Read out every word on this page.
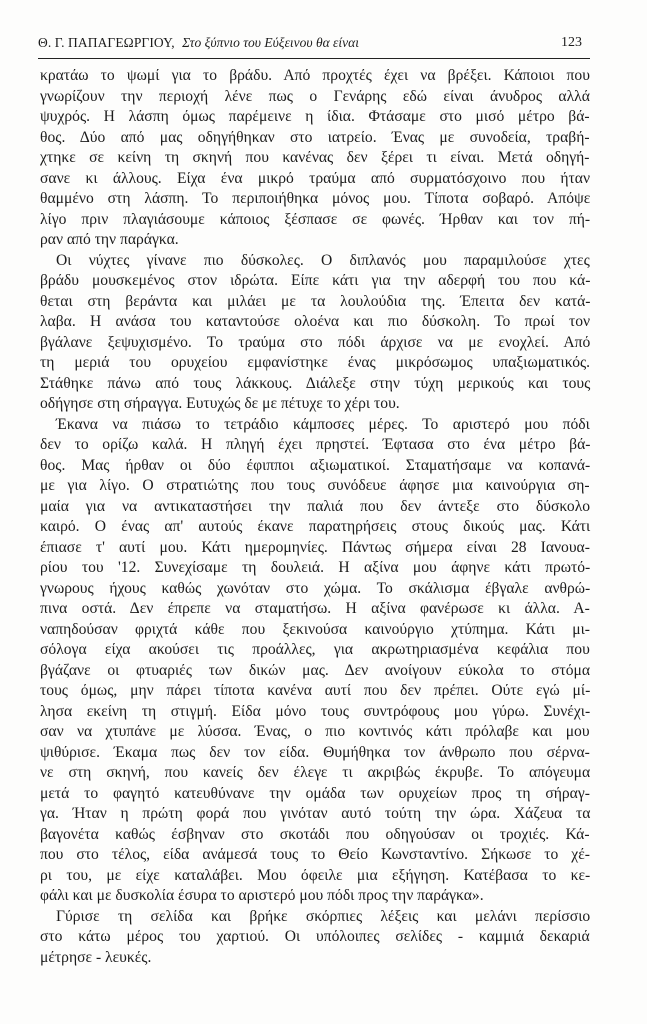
Θ. Γ. ΠΑΠΑΓΕΩΡΓΙΟΥ, Στο ξύπνιο του Εύξεινου θα είναι	123
κρατάω το ψωμί για το βράδυ. Από προχτές έχει να βρέξει. Κάποιοι που
γνωρίζουν την περιοχή λένε πως ο Γενάρης εδώ είναι άνυδρος αλλά
ψυχρός. Η λάσπη όμως παρέμεινε η ίδια. Φτάσαμε στο μισό μέτρο βά-
θος. Δύο από μας οδηγήθηκαν στο ιατρείο. Ένας με συνοδεία, τραβή-
χτηκε σε κείνη τη σκηνή που κανένας δεν ξέρει τι είναι. Μετά οδηγή-
σανε κι άλλους. Είχα ένα μικρό τραύμα από συρματόσχοινο που ήταν
θαμμένο στη λάσπη. Το περιποιήθηκα μόνος μου. Τίποτα σοβαρό. Απόψε
λίγο πριν πλαγιάσουμε κάποιος ξέσπασε σε φωνές. Ήρθαν και τον πή-
ραν από την παράγκα.
Οι νύχτες γίνανε πιο δύσκολες. Ο διπλανός μου παραμιλούσε χτες
βράδυ μουσκεμένος στον ιδρώτα. Είπε κάτι για την αδερφή του που κά-
θεται στη βεράντα και μιλάει με τα λουλούδια της. Έπειτα δεν κατά-
λαβα. Η ανάσα του καταντούσε ολοένα και πιο δύσκολη. Το πρωί τον
βγάλανε ξεψυχισμένο. Το τραύμα στο πόδι άρχισε να με ενοχλεί. Από
τη μεριά του ορυχείου εμφανίστηκε ένας μικρόσωμος υπαξιωματικός.
Στάθηκε πάνω από τους λάκκους. Διάλεξε στην τύχη μερικούς και τους
οδήγησε στη σήραγγα. Ευτυχώς δε με πέτυχε το χέρι του.
Έκανα να πιάσω το τετράδιο κάμποσες μέρες. Το αριστερό μου πόδι
δεν το ορίζω καλά. Η πληγή έχει πρηστεί. Έφτασα στο ένα μέτρο βά-
θος. Μας ήρθαν οι δύο έφιπποι αξιωματικοί. Σταματήσαμε να κοπανά-
με για λίγο. Ο στρατιώτης που τους συνόδευε άφησε μια καινούργια ση-
μαία για να αντικαταστήσει την παλιά που δεν άντεξε στο δύσκολο
καιρό. Ο ένας απ' αυτούς έκανε παρατηρήσεις στους δικούς μας. Κάτι
έπιασε τ' αυτί μου. Κάτι ημερομηνίες. Πάντως σήμερα είναι 28 Ιανουα-
ρίου του '12. Συνεχίσαμε τη δουλειά. Η αξίνα μου άφηνε κάτι πρωτό-
γνωρους ήχους καθώς χωνόταν στο χώμα. Το σκάλισμα έβγαλε ανθρώ-
πινα οστά. Δεν έπρεπε να σταματήσω. Η αξίνα φανέρωσε κι άλλα. Α-
ναπηδούσαν φριχτά κάθε που ξεκινούσα καινούργιο χτύπημα. Κάτι μι-
σόλογα είχα ακούσει τις προάλλες, για ακρωτηριασμένα κεφάλια που
βγάζανε οι φτυαριές των δικών μας. Δεν ανοίγουν εύκολα το στόμα
τους όμως, μην πάρει τίποτα κανένα αυτί που δεν πρέπει. Ούτε εγώ μί-
λησα εκείνη τη στιγμή. Είδα μόνο τους συντρόφους μου γύρω. Συνέχι-
σαν να χτυπάνε με λύσσα. Ένας, ο πιο κοντινός κάτι πρόλαβε και μου
ψιθύρισε. Έκαμα πως δεν τον είδα. Θυμήθηκα τον άνθρωπο που σέρνα-
νε στη σκηνή, που κανείς δεν έλεγε τι ακριβώς έκρυβε. Το απόγευμα
μετά το φαγητό κατευθύνανε την ομάδα των ορυχείων προς τη σήραγ-
γα. Ήταν η πρώτη φορά που γινόταν αυτό τούτη την ώρα. Χάζευα τα
βαγονέτα καθώς έσβηναν στο σκοτάδι που οδηγούσαν οι τροχιές. Κά-
που στο τέλος, είδα ανάμεσά τους το Θείο Κωνσταντίνο. Σήκωσε το χέ-
ρι του, με είχε καταλάβει. Μου όφειλε μια εξήγηση. Κατέβασα το κε-
φάλι και με δυσκολία έσυρα το αριστερό μου πόδι προς την παράγκα».
Γύρισε τη σελίδα και βρήκε σκόρπιες λέξεις και μελάνι περίσσιο
στο κάτω μέρος του χαρτιού. Οι υπόλοιπες σελίδες - καμμιά δεκαριά
μέτρησε - λευκές.
